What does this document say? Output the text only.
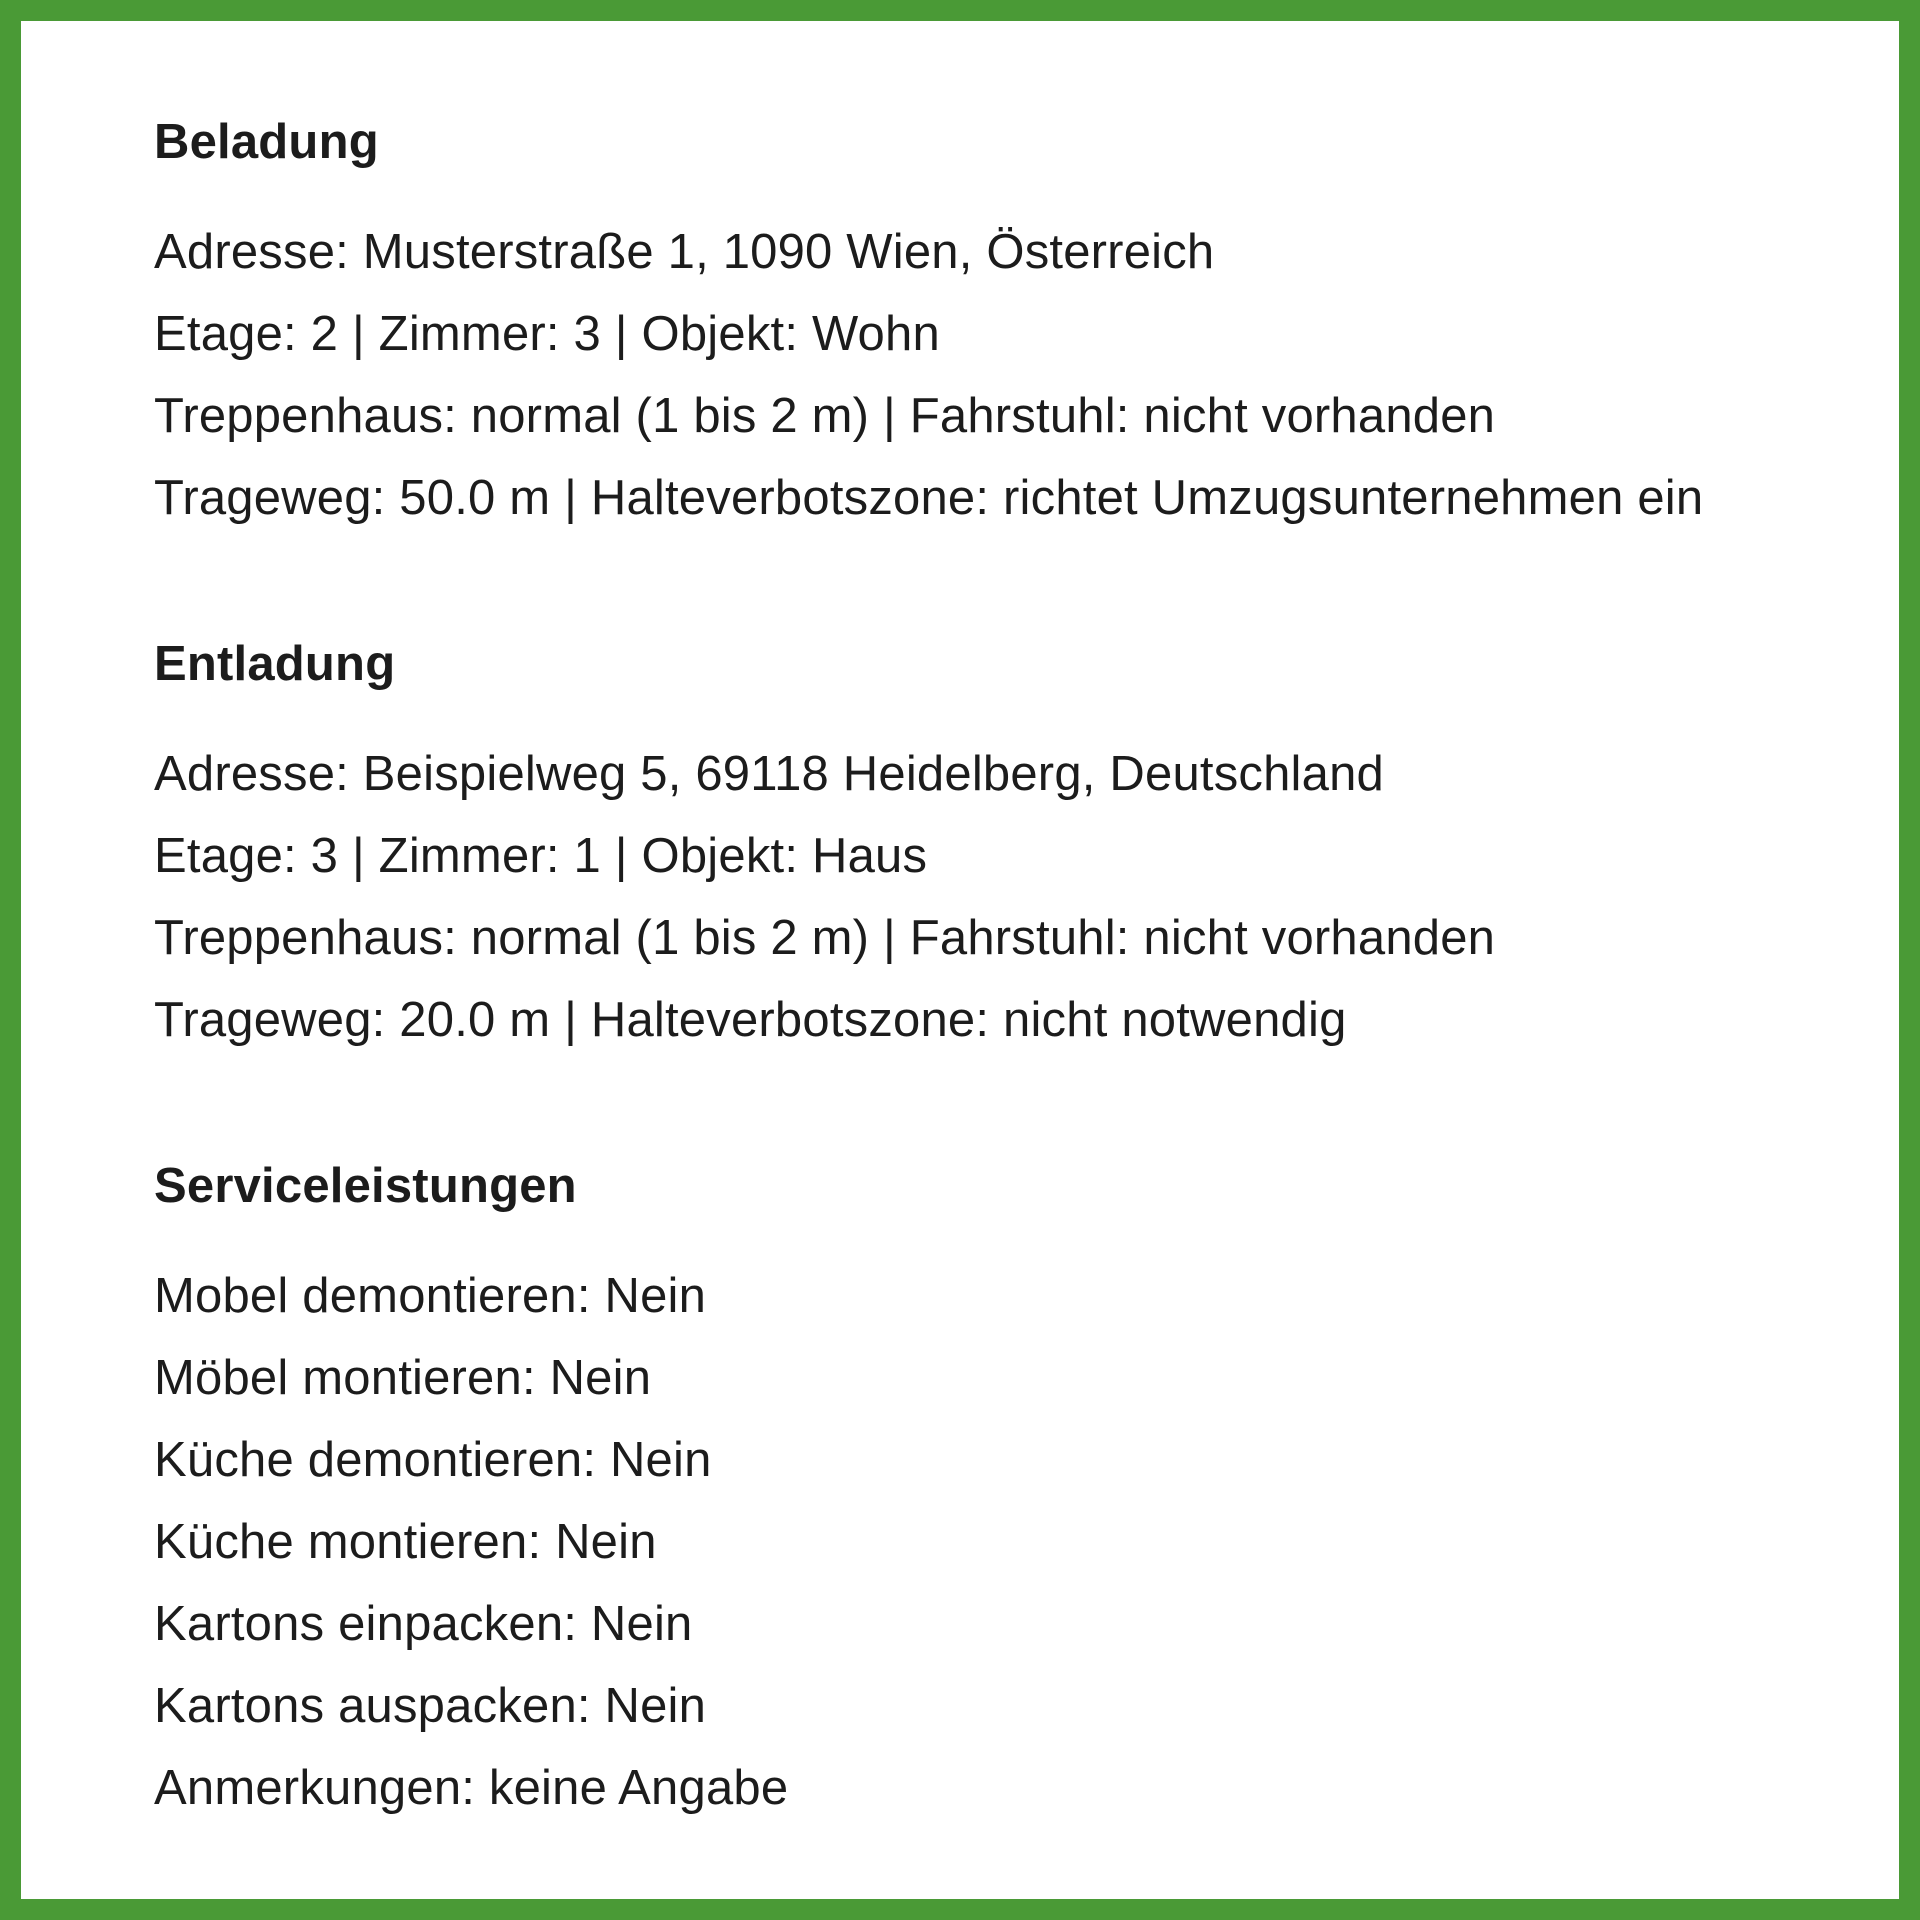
Beladung

Adresse: Musterstraße 1, 1090 Wien, Österreich

Etage: 2 | Zimmer: 3 | Objekt: Wohn

Treppenhaus: normal (1 bis 2 m) | Fahrstuhl: nicht vorhanden

Trageweg: 50.0 m | Halteverbotszone: richtet Umzugsunternehmen ein

Entladung

Adresse: Beispielweg 5, 69118 Heidelberg, Deutschland

Etage: 3 | Zimmer: 1 | Objekt: Haus

Treppenhaus: normal (1 bis 2 m) | Fahrstuhl: nicht vorhanden

Trageweg: 20.0 m | Halteverbotszone: nicht notwendig

Serviceleistungen

Mobel demontieren: Nein

Möbel montieren: Nein

Küche demontieren: Nein

Küche montieren: Nein

Kartons einpacken: Nein

Kartons auspacken: Nein

Anmerkungen: keine Angabe
